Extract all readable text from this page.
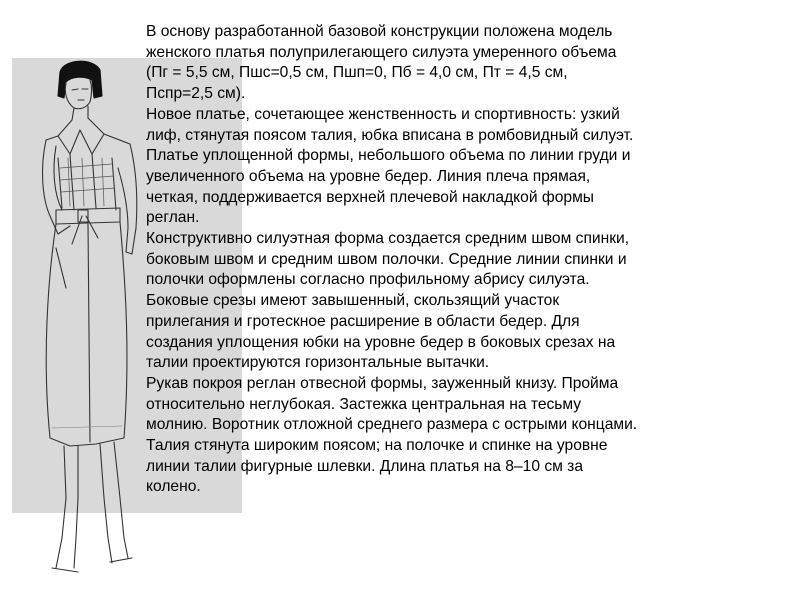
В основу разработанной базовой конструкции положена модель
женского платья полуприлегающего силуэта умеренного объема
(Пг = 5,5 см, Пшс=0,5 см, Пшп=0, Пб = 4,0 см, Пт = 4,5 см,
Пспр=2,5 см).
Новое платье, сочетающее женственность и спортивность: узкий
лиф, стянутая поясом талия, юбка вписана в ромбовидный силуэт.
Платье уплощенной формы, небольшого объема по линии груди и
увеличенного объема на уровне бедер. Линия плеча прямая,
четкая, поддерживается верхней плечевой накладкой формы
реглан.
Конструктивно силуэтная форма создается средним швом спинки,
боковым швом и средним швом полочки. Средние линии спинки и
полочки оформлены согласно профильному абрису силуэта.
Боковые срезы имеют завышенный, скользящий участок
прилегания и гротескное расширение в области бедер. Для
создания уплощения юбки на уровне бедер в боковых срезах на
талии проектируются горизонтальные вытачки.
Рукав покроя реглан отвесной формы, зауженный книзу. Пройма
относительно неглубокая. Застежка центральная на тесьму
молнию. Воротник отложной среднего размера с острыми концами.
Талия стянута широким поясом; на полочке и спинке на уровне
линии талии фигурные шлевки. Длина платья на 8–10 см за
колено.
